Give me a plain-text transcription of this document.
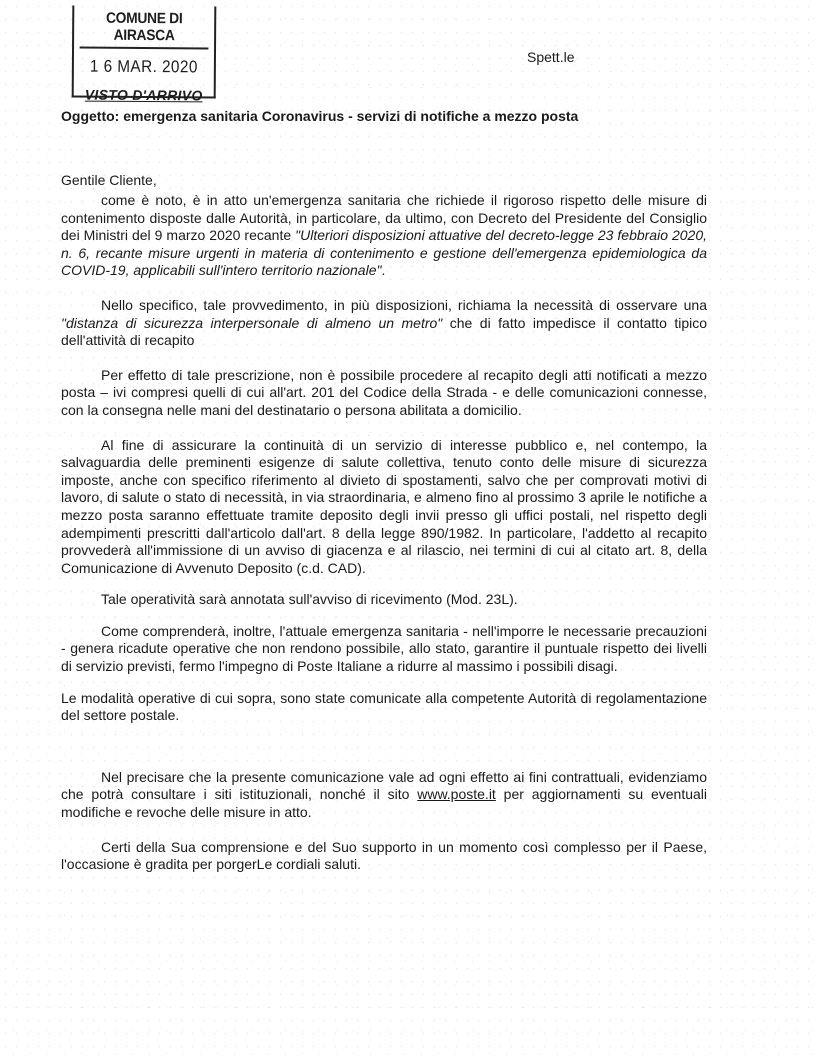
COMUNE DI AIRASCA
1 6 MAR. 2020
VISTO D'ARRIVO
Spett.le
Oggetto: emergenza sanitaria Coronavirus - servizi di notifiche a mezzo posta
Gentile Cliente,

come è noto, è in atto un'emergenza sanitaria che richiede il rigoroso rispetto delle misure di contenimento disposte dalle Autorità, in particolare, da ultimo, con Decreto del Presidente del Consiglio dei Ministri del 9 marzo 2020 recante "Ulteriori disposizioni attuative del decreto-legge 23 febbraio 2020, n. 6, recante misure urgenti in materia di contenimento e gestione dell'emergenza epidemiologica da COVID-19, applicabili sull'intero territorio nazionale".

Nello specifico, tale provvedimento, in più disposizioni, richiama la necessità di osservare una "distanza di sicurezza interpersonale di almeno un metro" che di fatto impedisce il contatto tipico dell'attività di recapito

Per effetto di tale prescrizione, non è possibile procedere al recapito degli atti notificati a mezzo posta – ivi compresi quelli di cui all'art. 201 del Codice della Strada - e delle comunicazioni connesse, con la consegna nelle mani del destinatario o persona abilitata a domicilio.

Al fine di assicurare la continuità di un servizio di interesse pubblico e, nel contempo, la salvaguardia delle preminenti esigenze di salute collettiva, tenuto conto delle misure di sicurezza imposte, anche con specifico riferimento al divieto di spostamenti, salvo che per comprovati motivi di lavoro, di salute o stato di necessità, in via straordinaria, e almeno fino al prossimo 3 aprile le notifiche a mezzo posta saranno effettuate tramite deposito degli invii presso gli uffici postali, nel rispetto degli adempimenti prescritti dall'articolo dall'art. 8 della legge 890/1982. In particolare, l'addetto al recapito provvederà all'immissione di un avviso di giacenza e al rilascio, nei termini di cui al citato art. 8, della Comunicazione di Avvenuto Deposito (c.d. CAD).

Tale operatività sarà annotata sull'avviso di ricevimento (Mod. 23L).

Come comprenderà, inoltre, l'attuale emergenza sanitaria - nell'imporre le necessarie precauzioni - genera ricadute operative che non rendono possibile, allo stato, garantire il puntuale rispetto dei livelli di servizio previsti, fermo l'impegno di Poste Italiane a ridurre al massimo i possibili disagi.

Le modalità operative di cui sopra, sono state comunicate alla competente Autorità di regolamentazione del settore postale.

Nel precisare che la presente comunicazione vale ad ogni effetto ai fini contrattuali, evidenziamo che potrà consultare i siti istituzionali, nonché il sito www.poste.it per aggiornamenti su eventuali modifiche e revoche delle misure in atto.

Certi della Sua comprensione e del Suo supporto in un momento così complesso per il Paese, l'occasione è gradita per porgerLe cordiali saluti.
